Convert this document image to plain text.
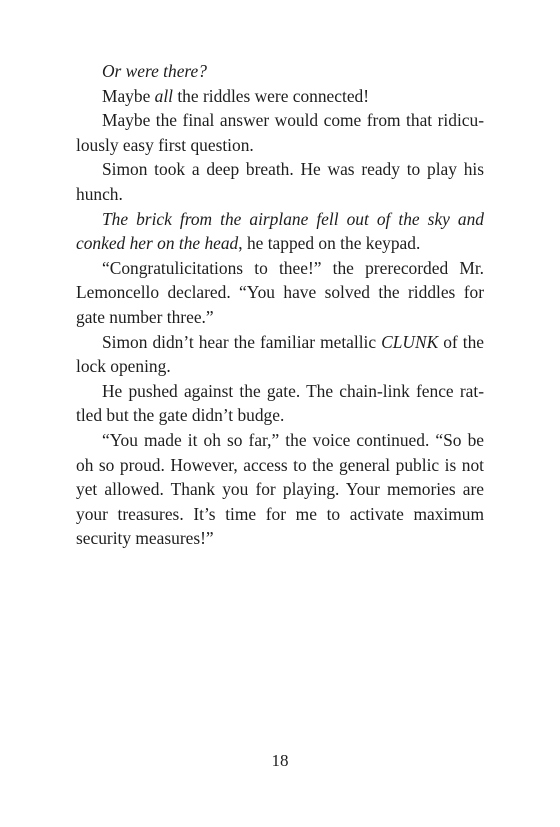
Or were there?

Maybe all the riddles were connected!

Maybe the final answer would come from that ridiculously easy first question.

Simon took a deep breath. He was ready to play his hunch.

The brick from the airplane fell out of the sky and conked her on the head, he tapped on the keypad.

“Congratulicitations to thee!” the prerecorded Mr. Lemoncello declared. “You have solved the riddles for gate number three.”

Simon didn’t hear the familiar metallic CLUNK of the lock opening.

He pushed against the gate. The chain-link fence rattled but the gate didn’t budge.

“You made it oh so far,” the voice continued. “So be oh so proud. However, access to the general public is not yet allowed. Thank you for playing. Your memories are your treasures. It’s time for me to activate maximum security measures!”

18
